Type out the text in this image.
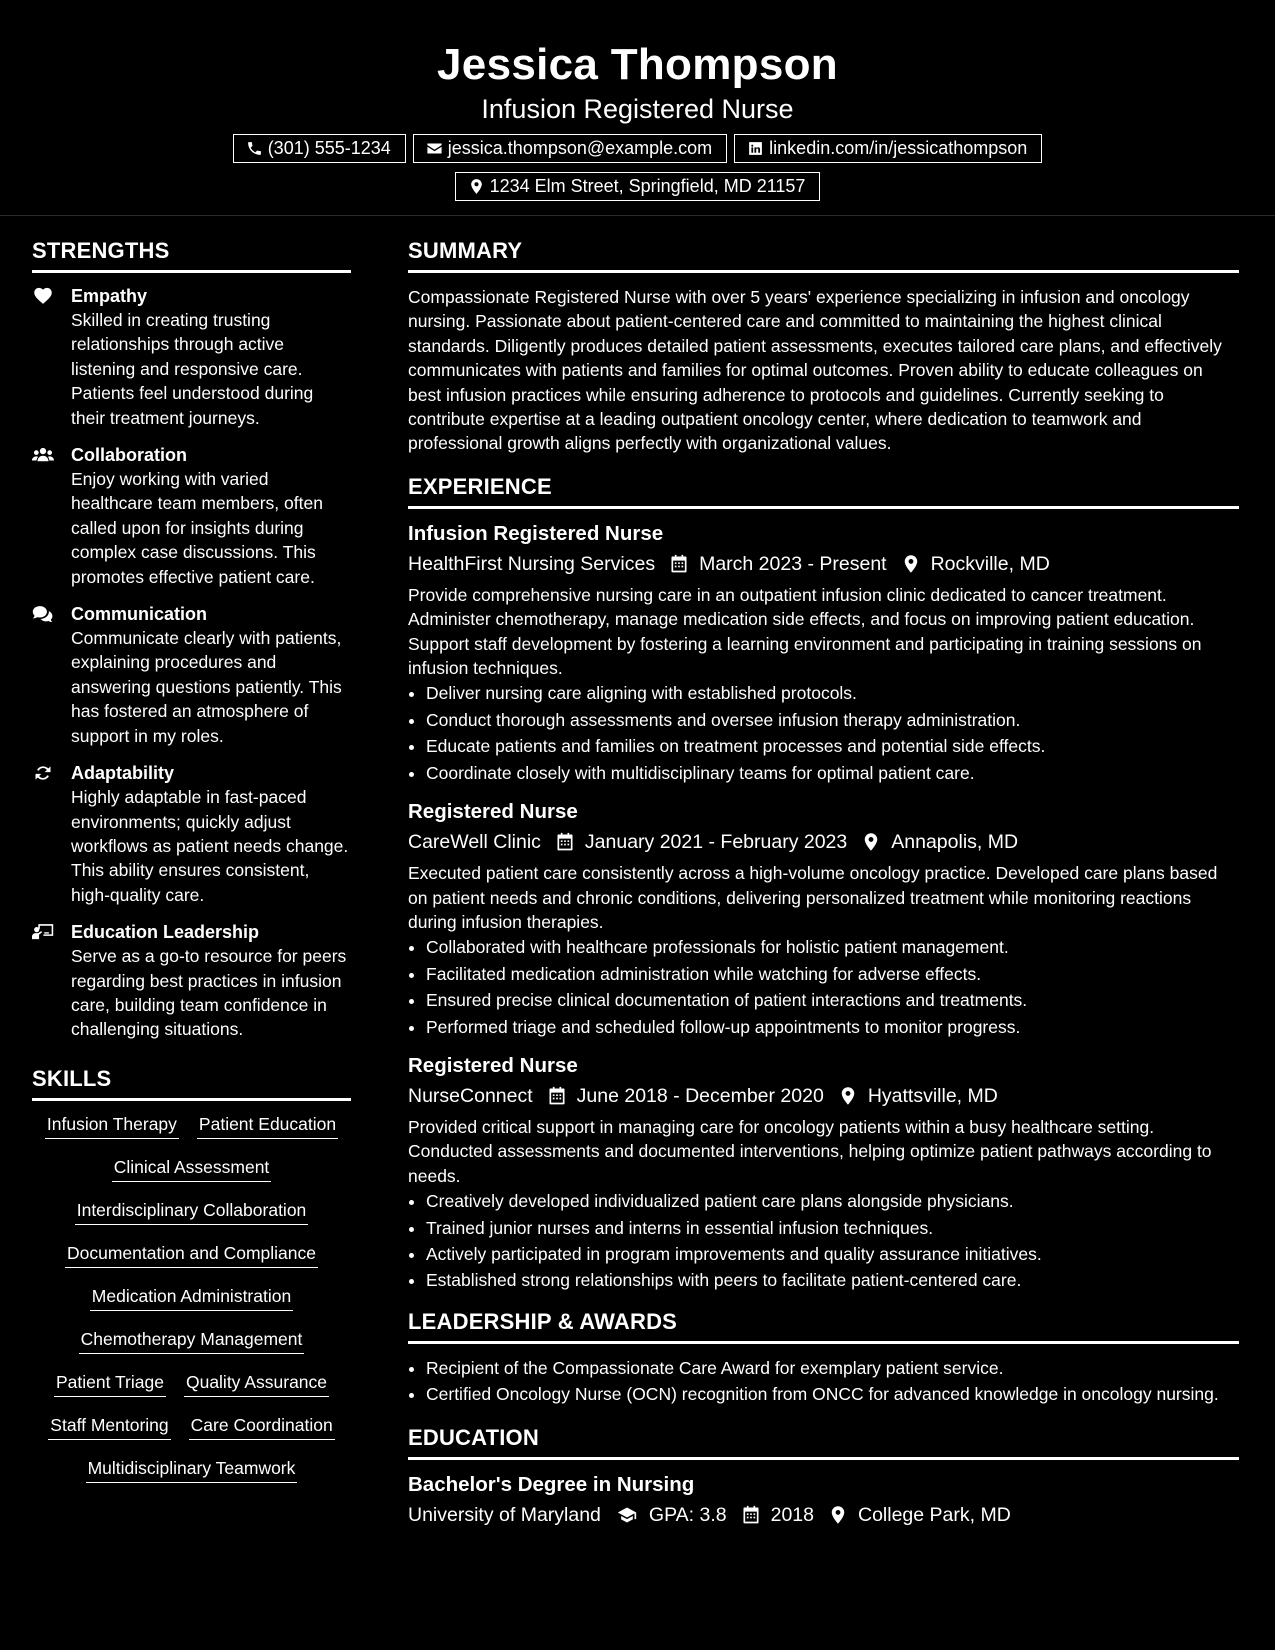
Jessica Thompson
Infusion Registered Nurse
(301) 555-1234	jessica.thompson@example.com	linkedin.com/in/jessicathompson
1234 Elm Street, Springfield, MD 21157
STRENGTHS
Empathy
Skilled in creating trusting relationships through active listening and responsive care. Patients feel understood during their treatment journeys.
Collaboration
Enjoy working with varied healthcare team members, often called upon for insights during complex case discussions. This promotes effective patient care.
Communication
Communicate clearly with patients, explaining procedures and answering questions patiently. This has fostered an atmosphere of support in my roles.
Adaptability
Highly adaptable in fast-paced environments; quickly adjust workflows as patient needs change. This ability ensures consistent, high-quality care.
Education Leadership
Serve as a go-to resource for peers regarding best practices in infusion care, building team confidence in challenging situations.
SKILLS
Infusion Therapy Patient Education
Clinical Assessment
Interdisciplinary Collaboration
Documentation and Compliance
Medication Administration
Chemotherapy Management
Patient Triage Quality Assurance
Staff Mentoring Care Coordination
Multidisciplinary Teamwork
SUMMARY
Compassionate Registered Nurse with over 5 years' experience specializing in infusion and oncology nursing. Passionate about patient-centered care and committed to maintaining the highest clinical standards. Diligently produces detailed patient assessments, executes tailored care plans, and effectively communicates with patients and families for optimal outcomes. Proven ability to educate colleagues on best infusion practices while ensuring adherence to protocols and guidelines. Currently seeking to contribute expertise at a leading outpatient oncology center, where dedication to teamwork and professional growth aligns perfectly with organizational values.
EXPERIENCE
Infusion Registered Nurse
HealthFirst Nursing Services March 2023 - Present Rockville, MD
Provide comprehensive nursing care in an outpatient infusion clinic dedicated to cancer treatment. Administer chemotherapy, manage medication side effects, and focus on improving patient education. Support staff development by fostering a learning environment and participating in training sessions on infusion techniques.
• Deliver nursing care aligning with established protocols.
• Conduct thorough assessments and oversee infusion therapy administration.
• Educate patients and families on treatment processes and potential side effects.
• Coordinate closely with multidisciplinary teams for optimal patient care.
Registered Nurse
CareWell Clinic January 2021 - February 2023 Annapolis, MD
Executed patient care consistently across a high-volume oncology practice. Developed care plans based on patient needs and chronic conditions, delivering personalized treatment while monitoring reactions during infusion therapies.
• Collaborated with healthcare professionals for holistic patient management.
• Facilitated medication administration while watching for adverse effects.
• Ensured precise clinical documentation of patient interactions and treatments.
• Performed triage and scheduled follow-up appointments to monitor progress.
Registered Nurse
NurseConnect June 2018 - December 2020 Hyattsville, MD
Provided critical support in managing care for oncology patients within a busy healthcare setting. Conducted assessments and documented interventions, helping optimize patient pathways according to needs.
• Creatively developed individualized patient care plans alongside physicians.
• Trained junior nurses and interns in essential infusion techniques.
• Actively participated in program improvements and quality assurance initiatives.
• Established strong relationships with peers to facilitate patient-centered care.
LEADERSHIP & AWARDS
• Recipient of the Compassionate Care Award for exemplary patient service.
• Certified Oncology Nurse (OCN) recognition from ONCC for advanced knowledge in oncology nursing.
EDUCATION
Bachelor's Degree in Nursing
University of Maryland GPA: 3.8 2018 College Park, MD
